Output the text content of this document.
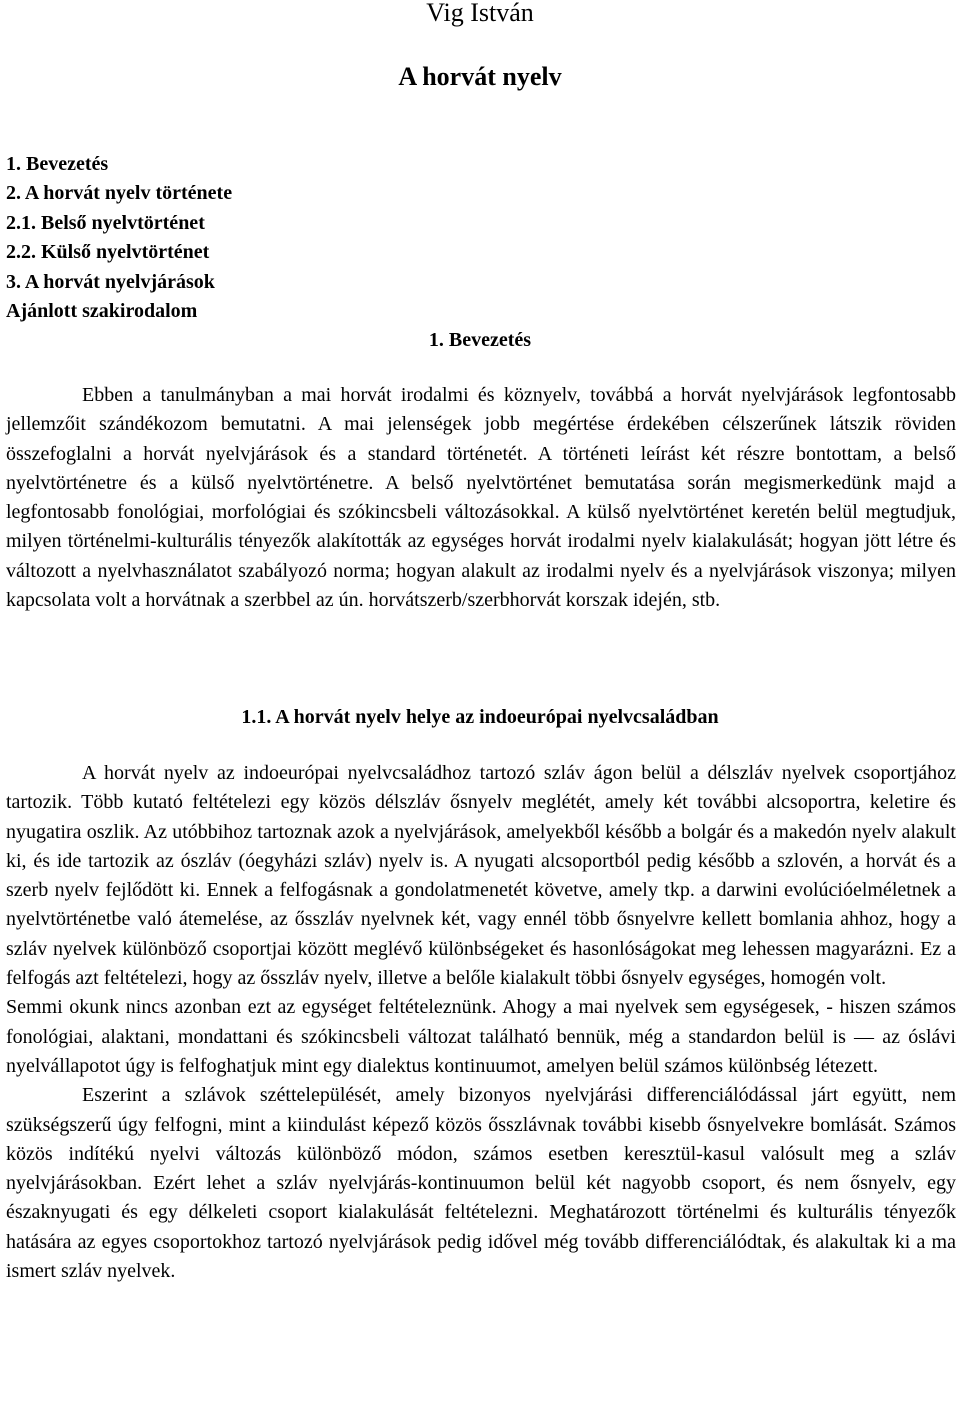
Vig István
A horvát nyelv
1. Bevezetés
2. A horvát nyelv története
2.1. Belső nyelvtörténet
2.2. Külső nyelvtörténet
3. A horvát nyelvjárások
Ajánlott szakirodalom
1. Bevezetés

Ebben a tanulmányban a mai horvát irodalmi és köznyelv, továbbá a horvát nyelvjárások legfontosabb jellemzőit szándékozom bemutatni. A mai jelenségek jobb megértése érdekében célszerűnek látszik röviden összefoglalni a horvát nyelvjárások és a standard történetét. A történeti leírást két részre bontottam, a belső nyelvtörténetre és a külső nyelvtörténetre. A belső nyelvtörténet bemutatása során megismerkedünk majd a legfontosabb fonológiai, morfológiai és szókincsbeli változásokkal. A külső nyelvtörténet keretén belül megtudjuk, milyen történelmi-kulturális tényezők alakították az egységes horvát irodalmi nyelv kialakulását; hogyan jött létre és változott a nyelvhasználatot szabályozó norma; hogyan alakult az irodalmi nyelv és a nyelvjárások viszonya; milyen kapcsolata volt a horvátnak a szerbbel az ún. horvátszerb/szerbhorvát korszak idején, stb.

1.1. A horvát nyelv helye az indoeurópai nyelvcsaládban

A horvát nyelv az indoeurópai nyelvcsaládhoz tartozó szláv ágon belül a délszláv nyelvek csoportjához tartozik. Több kutató feltételezi egy közös délszláv ősnyelv meglétét, amely két további alcsoportra, keletire és nyugatira oszlik. Az utóbbihoz tartoznak azok a nyelvjárások, amelyekből később a bolgár és a makedón nyelv alakult ki, és ide tartozik az ószláv (óegyházi szláv) nyelv is. A nyugati alcsoportból pedig később a szlovén, a horvát és a szerb nyelv fejlődött ki. Ennek a felfogásnak a gondolatmenetét követve, amely tkp. a darwini evolúcióelméletnek a nyelvtörténetbe való átemelése, az ősszláv nyelvnek két, vagy ennél több ősnyelvre kellett bomlania ahhoz, hogy a szláv nyelvek különböző csoportjai között meglévő különbségeket és hasonlóságokat meg lehessen magyarázni. Ez a felfogás azt feltételezi, hogy az ősszláv nyelv, illetve a belőle kialakult többi ősnyelv egységes, homogén volt.

Semmi okunk nincs azonban ezt az egységet feltételeznünk. Ahogy a mai nyelvek sem egységesek, - hiszen számos fonológiai, alaktani, mondattani és szókincsbeli változat található bennük, még a standardon belül is — az óslávi nyelvállapotot úgy is felfoghatjuk mint egy dialektus kontinuumot, amelyen belül számos különbség létezett.

Eszerint a szlávok széttelepülését, amely bizonyos nyelvjárási differenciálódással járt együtt, nem szükségszerű úgy felfogni, mint a kiindulást képező közös ősszlávnak további kisebb ősnyelvekre bomlását. Számos közös indítékú nyelvi változás különböző módon, számos esetben keresztül-kasul valósult meg a szláv nyelvjárásokban. Ezért lehet a szláv nyelvjárás-kontinuumon belül két nagyobb csoport, és nem ősnyelv, egy északnyugati és egy délkeleti csoport kialakulását feltételezni. Meghatározott történelmi és kulturális tényezők hatására az egyes csoportokhoz tartozó nyelvjárások pedig idővel még tovább differenciálódtak, és alakultak ki a ma ismert szláv nyelvek.
